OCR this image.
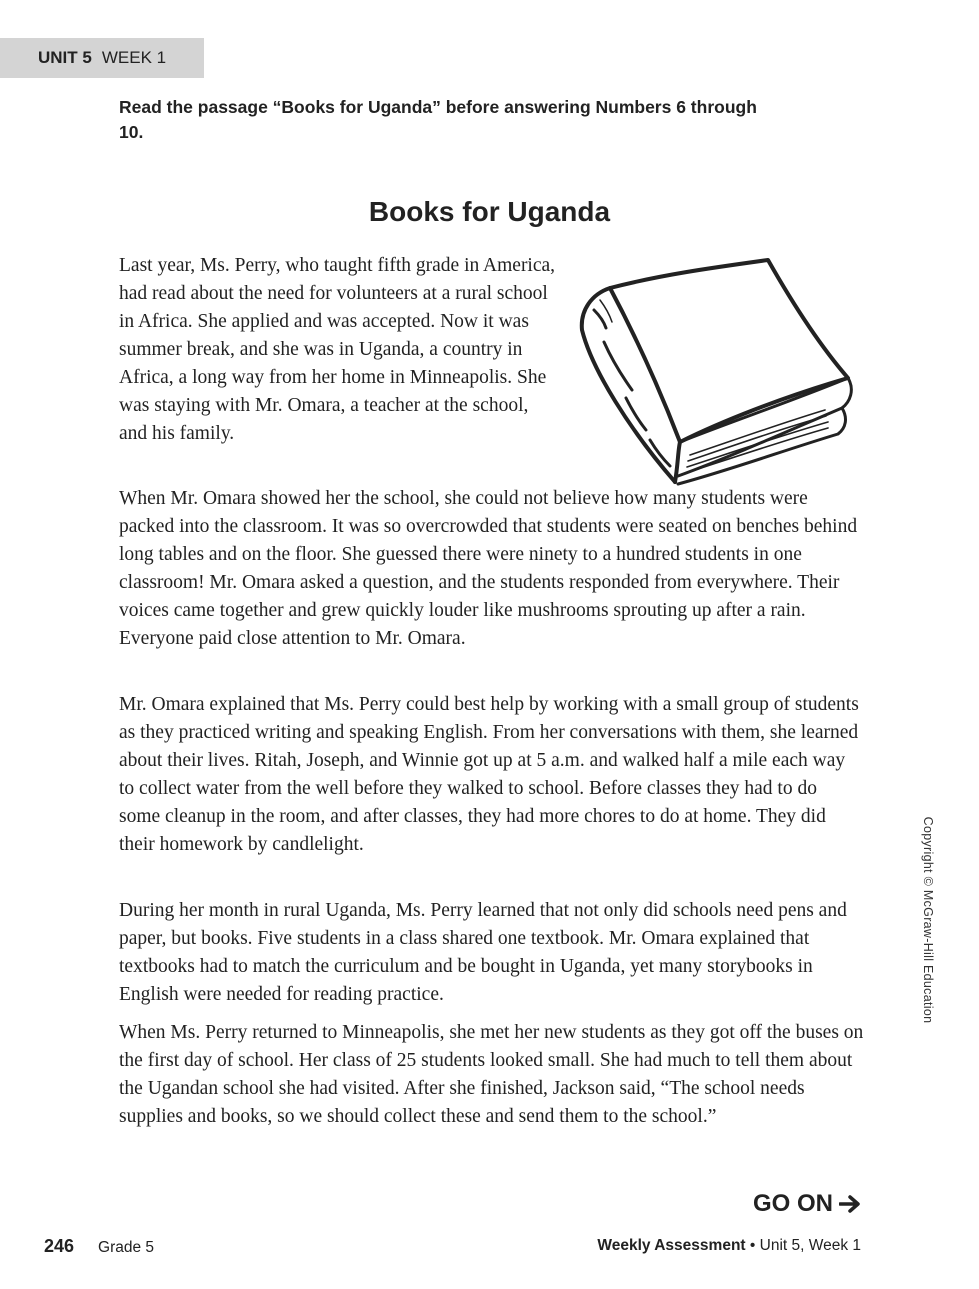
UNIT 5 WEEK 1
Read the passage “Books for Uganda” before answering Numbers 6 through 10.
Books for Uganda

Last year, Ms. Perry, who taught fifth grade in America, had read about the need for volunteers at a rural school in Africa. She applied and was accepted. Now it was summer break, and she was in Uganda, a country in Africa, a long way from her home in Minneapolis. She was staying with Mr. Omara, a teacher at the school, and his family.

When Mr. Omara showed her the school, she could not believe how many students were packed into the classroom. It was so overcrowded that students were seated on benches behind long tables and on the floor. She guessed there were ninety to a hundred students in one classroom! Mr. Omara asked a question, and the students responded from everywhere. Their voices came together and grew quickly louder like mushrooms sprouting up after a rain. Everyone paid close attention to Mr. Omara.

Mr. Omara explained that Ms. Perry could best help by working with a small group of students as they practiced writing and speaking English. From her conversations with them, she learned about their lives. Ritah, Joseph, and Winnie got up at 5 a.m. and walked half a mile each way to collect water from the well before they walked to school. Before classes they had to do some cleanup in the room, and after classes, they had more chores to do at home. They did their homework by candlelight.

During her month in rural Uganda, Ms. Perry learned that not only did schools need pens and paper, but books. Five students in a class shared one textbook. Mr. Omara explained that textbooks had to match the curriculum and be bought in Uganda, yet many storybooks in English were needed for reading practice.

When Ms. Perry returned to Minneapolis, she met her new students as they got off the buses on the first day of school. Her class of 25 students looked small. She had much to tell them about the Ugandan school she had visited. After she finished, Jackson said, “The school needs supplies and books, so we should collect these and send them to the school.”

Copyright © McGraw-Hill Education
GO ON
246 Grade 5	Weekly Assessment • Unit 5, Week 1
